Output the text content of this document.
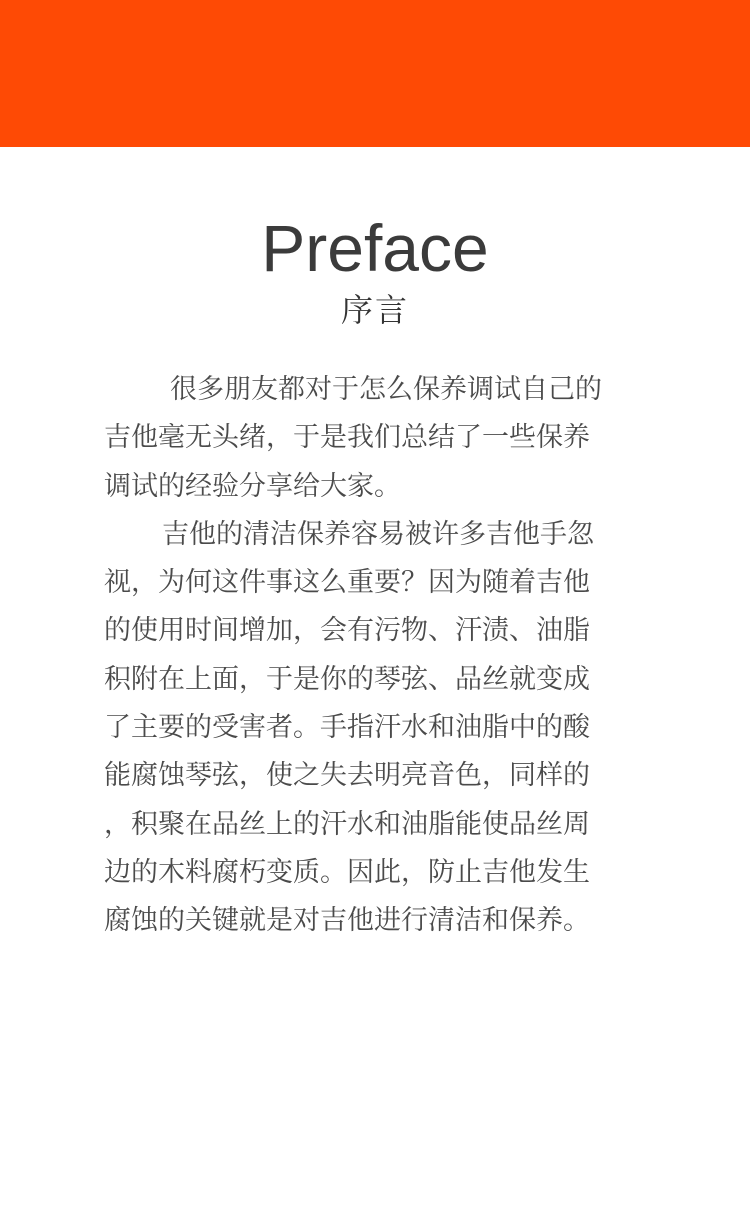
Preface
序言

很多朋友都对于怎么保养调试自己的
吉他毫无头绪，于是我们总结了一些保养
调试的经验分享给大家。

吉他的清洁保养容易被许多吉他手忽
视，为何这件事这么重要？因为随着吉他
的使用时间增加，会有污物、汗渍、油脂
积附在上面，于是你的琴弦、品丝就变成
了主要的受害者。手指汗水和油脂中的酸
能腐蚀琴弦，使之失去明亮音色，同样的
，积聚在品丝上的汗水和油脂能使品丝周
边的木料腐朽变质。因此，防止吉他发生
腐蚀的关键就是对吉他进行清洁和保养。
